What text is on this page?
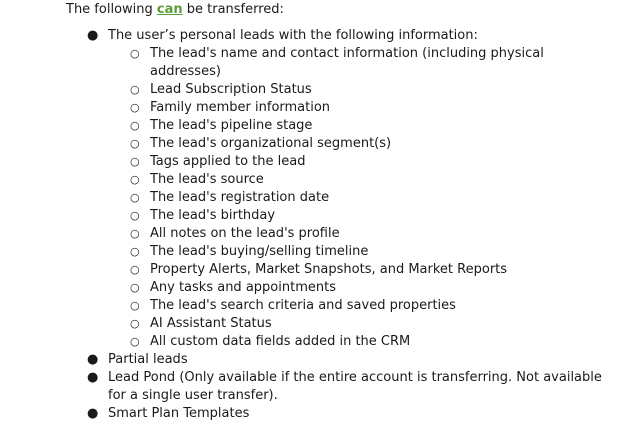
The following can be transferred:
● The user’s personal leads with the following information:
○ The lead's name and contact information (including physical addresses)
○ Lead Subscription Status
○ Family member information
○ The lead's pipeline stage
○ The lead's organizational segment(s)
○ Tags applied to the lead
○ The lead's source
○ The lead's registration date
○ The lead's birthday
○ All notes on the lead's profile
○ The lead's buying/selling timeline
○ Property Alerts, Market Snapshots, and Market Reports
○ Any tasks and appointments
○ The lead's search criteria and saved properties
○ AI Assistant Status
○ All custom data fields added in the CRM
● Partial leads
● Lead Pond (Only available if the entire account is transferring. Not available for a single user transfer).
● Smart Plan Templates
